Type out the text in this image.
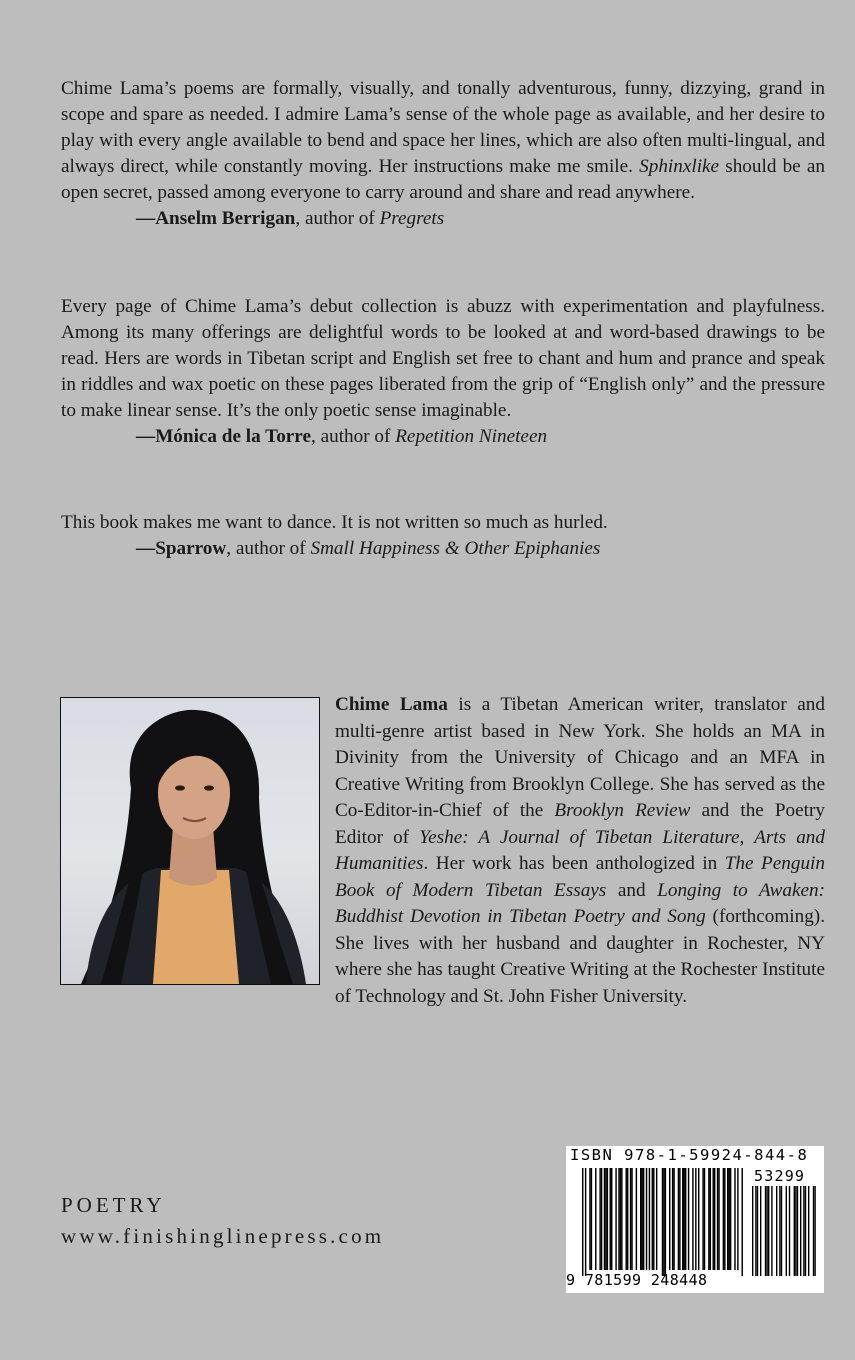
Chime Lama’s poems are formally, visually, and tonally adventurous, funny, dizzying, grand in scope and spare as needed. I admire Lama’s sense of the whole page as available, and her desire to play with every angle available to bend and space her lines, which are also often multi-lingual, and always direct, while constantly moving. Her instructions make me smile. Sphinxlike should be an open secret, passed among everyone to carry around and share and read anywhere.

—Anselm Berrigan, author of Pregrets

Every page of Chime Lama’s debut collection is abuzz with experimentation and playfulness. Among its many offerings are delightful words to be looked at and word-based drawings to be read. Hers are words in Tibetan script and English set free to chant and hum and prance and speak in riddles and wax poetic on these pages liberated from the grip of “English only” and the pressure to make linear sense. It’s the only poetic sense imaginable.

—Mónica de la Torre, author of Repetition Nineteen

This book makes me want to dance. It is not written so much as hurled.

—Sparrow, author of Small Happiness & Other Epiphanies

Chime Lama is a Tibetan American writer, translator and multi-genre artist based in New York. She holds an MA in Divinity from the University of Chicago and an MFA in Creative Writing from Brooklyn College. She has served as the Co-Editor-in-Chief of the Brooklyn Review and the Poetry Editor of Yeshe: A Journal of Tibetan Literature, Arts and Humanities. Her work has been anthologized in The Penguin Book of Modern Tibetan Essays and Longing to Awaken: Buddhist Devotion in Tibetan Poetry and Song (forthcoming). She lives with her husband and daughter in Rochester, NY where she has taught Creative Writing at the Rochester Institute of Technology and St. John Fisher University.
POETRY
www.finishinglinepress.com
ISBN 978-1-59924-844-8
53299
9 781599 248448
